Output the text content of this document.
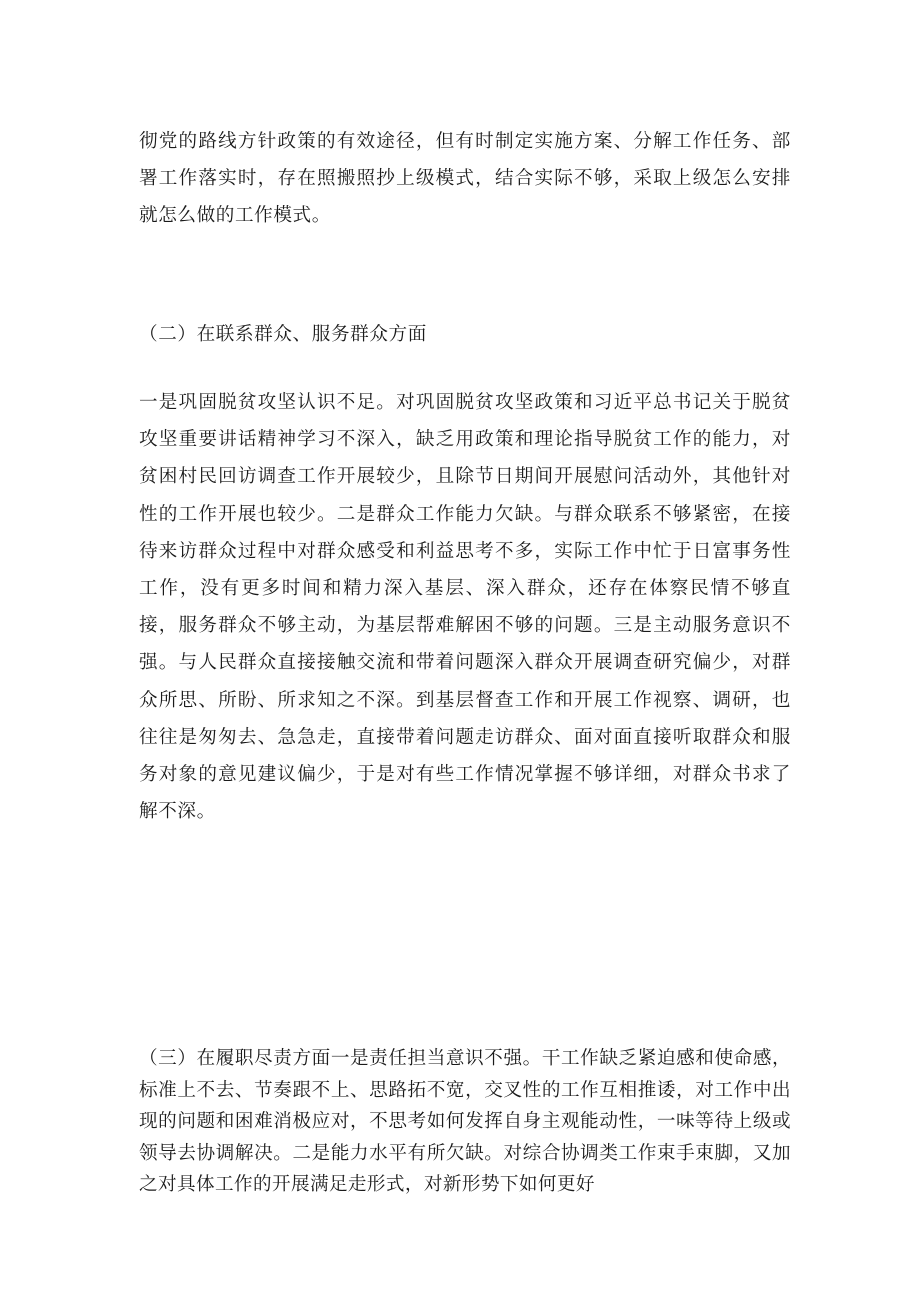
彻党的路线方针政策的有效途径，但有时制定实施方案、分解工作任务、部署工作落实时，存在照搬照抄上级模式，结合实际不够，采取上级怎么安排就怎么做的工作模式。

（二）在联系群众、服务群众方面

一是巩固脱贫攻坚认识不足。对巩固脱贫攻坚政策和习近平总书记关于脱贫攻坚重要讲话精神学习不深入，缺乏用政策和理论指导脱贫工作的能力，对贫困村民回访调查工作开展较少，且除节日期间开展慰问活动外，其他针对性的工作开展也较少。二是群众工作能力欠缺。与群众联系不够紧密，在接待来访群众过程中对群众感受和利益思考不多，实际工作中忙于日富事务性工作，没有更多时间和精力深入基层、深入群众，还存在体察民情不够直接，服务群众不够主动，为基层帮难解困不够的问题。三是主动服务意识不强。与人民群众直接接触交流和带着问题深入群众开展调查研究偏少，对群众所思、所盼、所求知之不深。到基层督查工作和开展工作视察、调研，也往往是匆匆去、急急走，直接带着问题走访群众、面对面直接听取群众和服务对象的意见建议偏少，于是对有些工作情况掌握不够详细，对群众书求了解不深。

（三）在履职尽责方面一是责任担当意识不强。干工作缺乏紧迫感和使命感，标准上不去、节奏跟不上、思路拓不宽，交叉性的工作互相推诿，对工作中出现的问题和困难消极应对，不思考如何发挥自身主观能动性，一味等待上级或领导去协调解决。二是能力水平有所欠缺。对综合协调类工作束手束脚，又加之对具体工作的开展满足走形式，对新形势下如何更好
